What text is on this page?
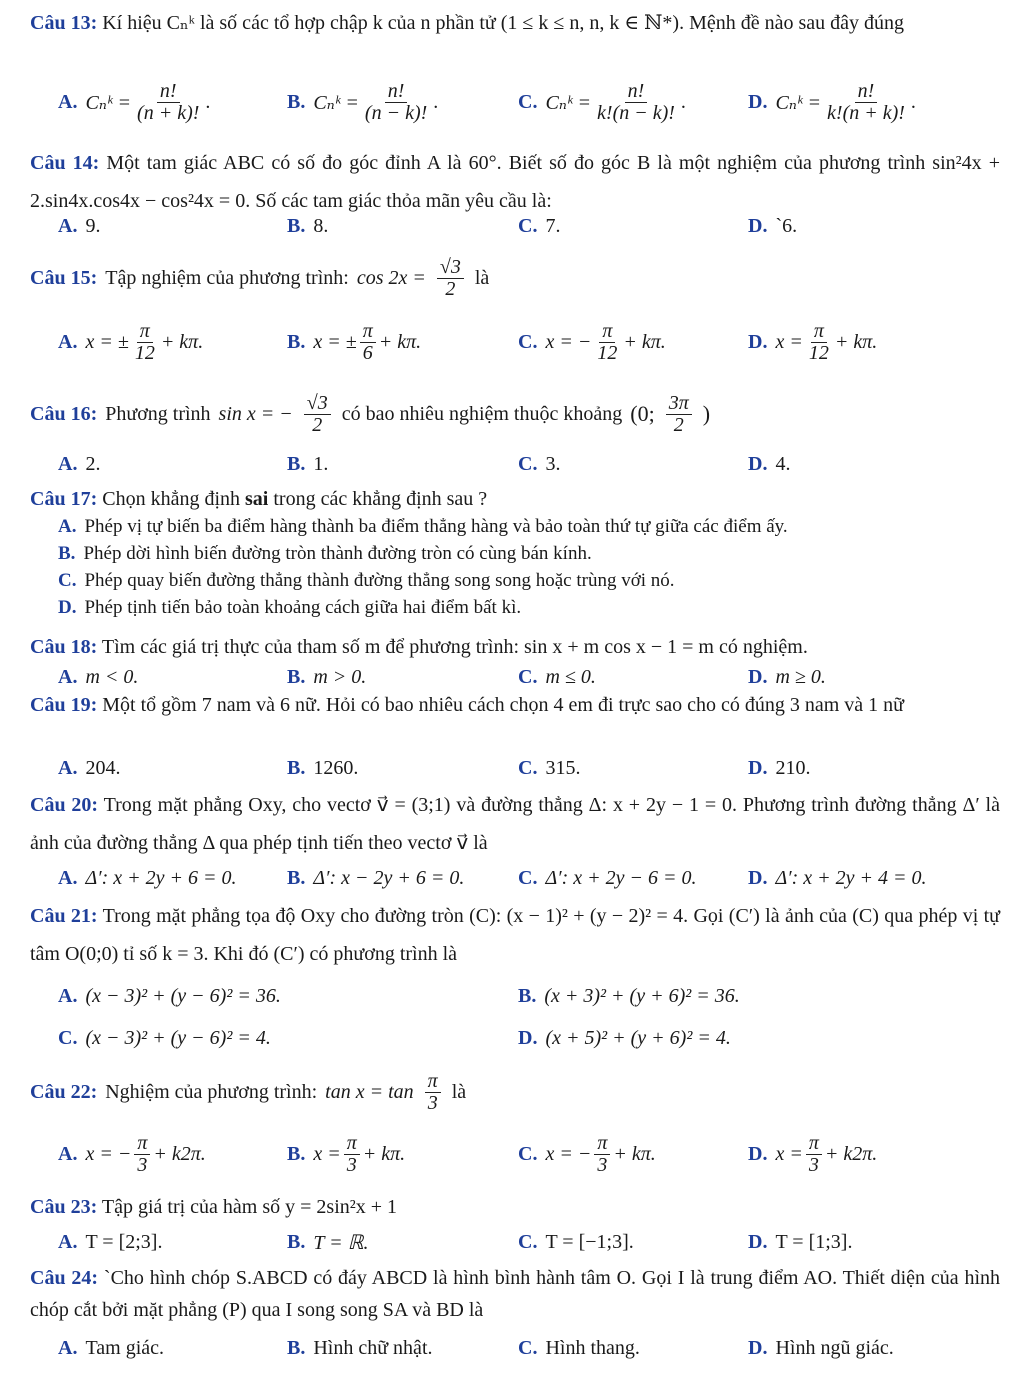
Câu 13: Kí hiệu Cₙᵏ là số các tổ hợp chập k của n phần tử (1 ≤ k ≤ n, n, k ∈ ℕ*). Mệnh đề nào sau đây đúng
A. Cₙᵏ = $\frac{n!}{(n + k)!}$ .	B. Cₙᵏ = $\frac{n!}{(n - k)!}$ .	C. Cₙᵏ = $\frac{n!}{k!(n - k)!}$ .	D. Cₙᵏ = $\frac{n!}{k!(n + k)!}$ .
Câu 14: Một tam giác ABC có số đo góc đỉnh A là 60°. Biết số đo góc B là một nghiệm của phương trình sin²4x + 2.sin4x.cos4x − cos²4x = 0. Số các tam giác thỏa mãn yêu cầu là:
A. 9.	B. 8.	C. 7.	D. `6.
Câu 15: Tập nghiệm của phương trình: $\cos 2x = \frac{√3}{2}$ là
A. x = ± $\frac{\pi}{12} + k\pi$.	B. x = ± $\frac{\pi}{6} + k\pi$.	C. x = − $\frac{\pi}{12} + k\pi$.	D. $x = \frac{\pi}{12} + k\pi$.
Câu 16: Phương trình sin x = − $\frac{√3}{2}$ có bao nhiêu nghiệm thuộc khoảng (0; $\frac{3\pi}{2}$ )
A. 2.	B. 1.	C. 3.	D. 4.
Câu 17: Chọn khẳng định sai trong các khẳng định sau ?
A. Phép vị tự biến ba điểm hàng thành ba điểm thẳng hàng và bảo toàn thứ tự giữa các điểm ấy.
B. Phép dời hình biến đường tròn thành đường tròn có cùng bán kính.
C. Phép quay biến đường thẳng thành đường thẳng song song hoặc trùng với nó.
D. Phép tịnh tiến bảo toàn khoảng cách giữa hai điểm bất kì.
Câu 18: Tìm các giá trị thực của tham số m để phương trình: sin x + m cos x − 1 = m có nghiệm.
A. m < 0.	B. m > 0.	C. m ≤ 0.	D. m ≥ 0.
Câu 19: Một tổ gồm 7 nam và 6 nữ. Hỏi có bao nhiêu cách chọn 4 em đi trực sao cho có đúng 3 nam và 1 nữ
A. 204.	B. 1260.	C. 315.	D. 210.
Câu 20: Trong mặt phẳng Oxy, cho vectơ v⃗ = (3;1) và đường thẳng Δ: x + 2y − 1 = 0. Phương trình đường thẳng Δ′ là ảnh của đường thẳng Δ qua phép tịnh tiến theo vectơ v⃗ là
A. Δ′: x + 2y + 6 = 0.	B. Δ′: x − 2y + 6 = 0.	C. Δ′: x + 2y − 6 = 0.	D. Δ′: x + 2y + 4 = 0.
Câu 21: Trong mặt phẳng tọa độ Oxy cho đường tròn (C): (x − 1)² + (y − 2)² = 4. Gọi (C′) là ảnh của (C) qua phép vị tự tâm O(0;0) tỉ số k = 3. Khi đó (C′) có phương trình là
A. (x − 3)² + (y − 6)² = 36.	B. (x + 3)² + (y + 6)² = 36.
C. (x − 3)² + (y − 6)² = 4.	D. (x + 5)² + (y + 6)² = 4.
Câu 22: Nghiệm của phương trình: $\tan x = \tan \frac{\pi}{3}$ là
A. x = − $\frac{\pi}{3} + k2\pi$.	B. $x = \frac{\pi}{3} + k\pi$.	C. x = − $\frac{\pi}{3} + k\pi$.	D. $x = \frac{\pi}{3} + k2\pi$.
Câu 23: Tập giá trị của hàm số y = 2sin²x + 1
A. T = [2;3].	B. T = ℝ.	C. T = [−1;3].	D. T = [1;3].
Câu 24: `Cho hình chóp S.ABCD có đáy ABCD là hình bình hành tâm O. Gọi I là trung điểm AO. Thiết diện của hình chóp cắt bởi mặt phẳng (P) qua I song song SA và BD là
A. Tam giác.	B. Hình chữ nhật.	C. Hình thang.	D. Hình ngũ giác.
